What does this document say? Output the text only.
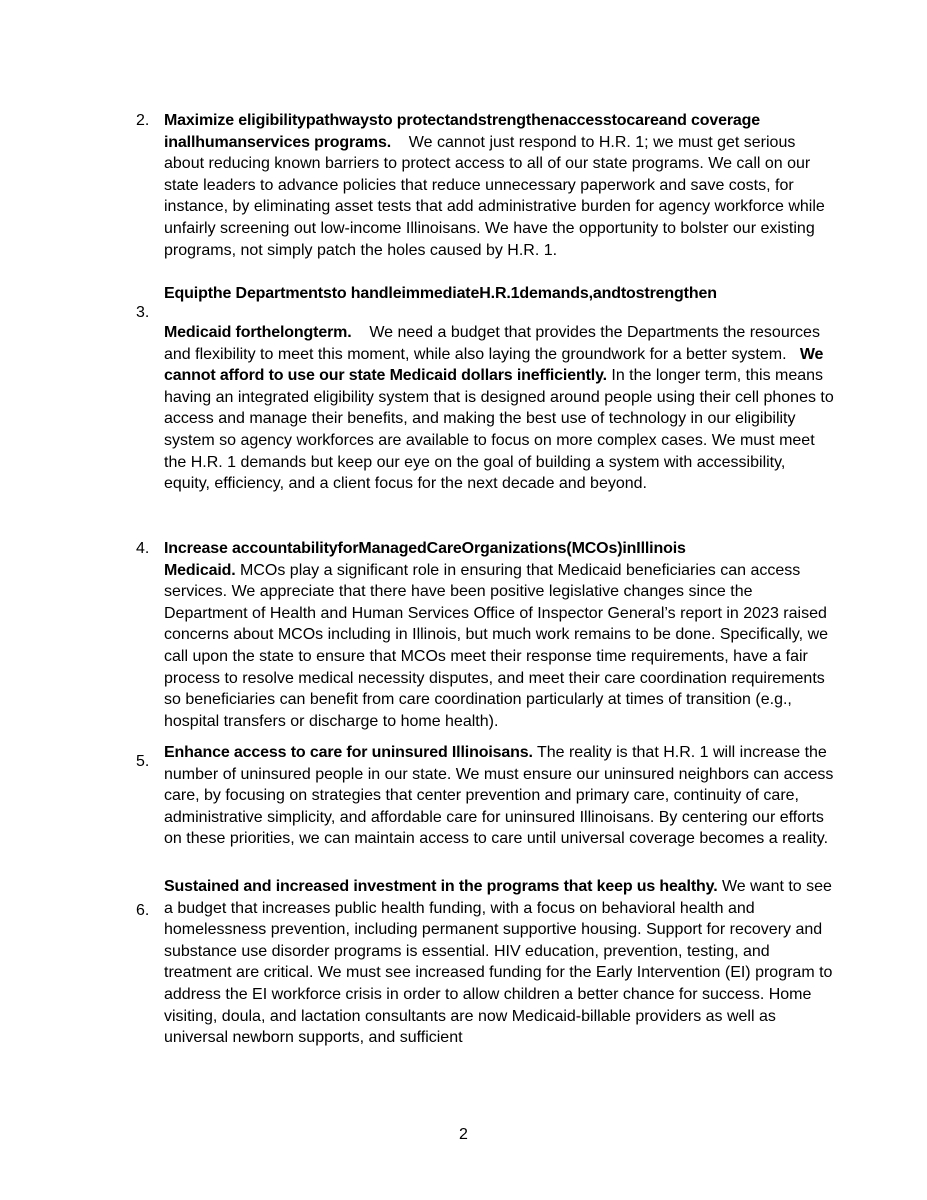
2. Maximize eligibilitypathwaysto protectandstrengthenaccesstocareand coverage inallhumanservices programs. We cannot just respond to H.R. 1; we must get serious about reducing known barriers to protect access to all of our state programs. We call on our state leaders to advance policies that reduce unnecessary paperwork and save costs, for instance, by eliminating asset tests that add administrative burden for agency workforce while unfairly screening out low-income Illinoisans. We have the opportunity to bolster our existing programs, not simply patch the holes caused by H.R. 1.

3.

Equipthe Departmentsto handleimmediateH.R.1demands,andtostrengthen

Medicaid forthelongterm. We need a budget that provides the Departments the resources and flexibility to meet this moment, while also laying the groundwork for a better system. We cannot afford to use our state Medicaid dollars inefficiently. In the longer term, this means having an integrated eligibility system that is designed around people using their cell phones to access and manage their benefits, and making the best use of technology in our eligibility system so agency workforces are available to focus on more complex cases. We must meet the H.R. 1 demands but keep our eye on the goal of building a system with accessibility, equity, efficiency, and a client focus for the next decade and beyond.

4. Increase accountabilityforManagedCareOrganizations(MCOs)inIllinois

Medicaid. MCOs play a significant role in ensuring that Medicaid beneficiaries can access services. We appreciate that there have been positive legislative changes since the Department of Health and Human Services Office of Inspector General’s report in 2023 raised concerns about MCOs including in Illinois, but much work remains to be done. Specifically, we call upon the state to ensure that MCOs meet their response time requirements, have a fair process to resolve medical necessity disputes, and meet their care coordination requirements so beneficiaries can benefit from care coordination particularly at times of transition (e.g., hospital transfers or discharge to home health).

5.

Enhance access to care for uninsured Illinoisans. The reality is that H.R. 1 will increase the number of uninsured people in our state. We must ensure our uninsured neighbors can access care, by focusing on strategies that center prevention and primary care, continuity of care, administrative simplicity, and affordable care for uninsured Illinoisans. By centering our efforts on these priorities, we can maintain access to care until universal coverage becomes a reality.

6.

Sustained and increased investment in the programs that keep us healthy. We want to see a budget that increases public health funding, with a focus on behavioral health and homelessness prevention, including permanent supportive housing. Support for recovery and substance use disorder programs is essential. HIV education, prevention, testing, and treatment are critical. We must see increased funding for the Early Intervention (EI) program to address the EI workforce crisis in order to allow children a better chance for success. Home visiting, doula, and lactation consultants are now Medicaid-billable providers as well as universal newborn supports, and sufficient

2
